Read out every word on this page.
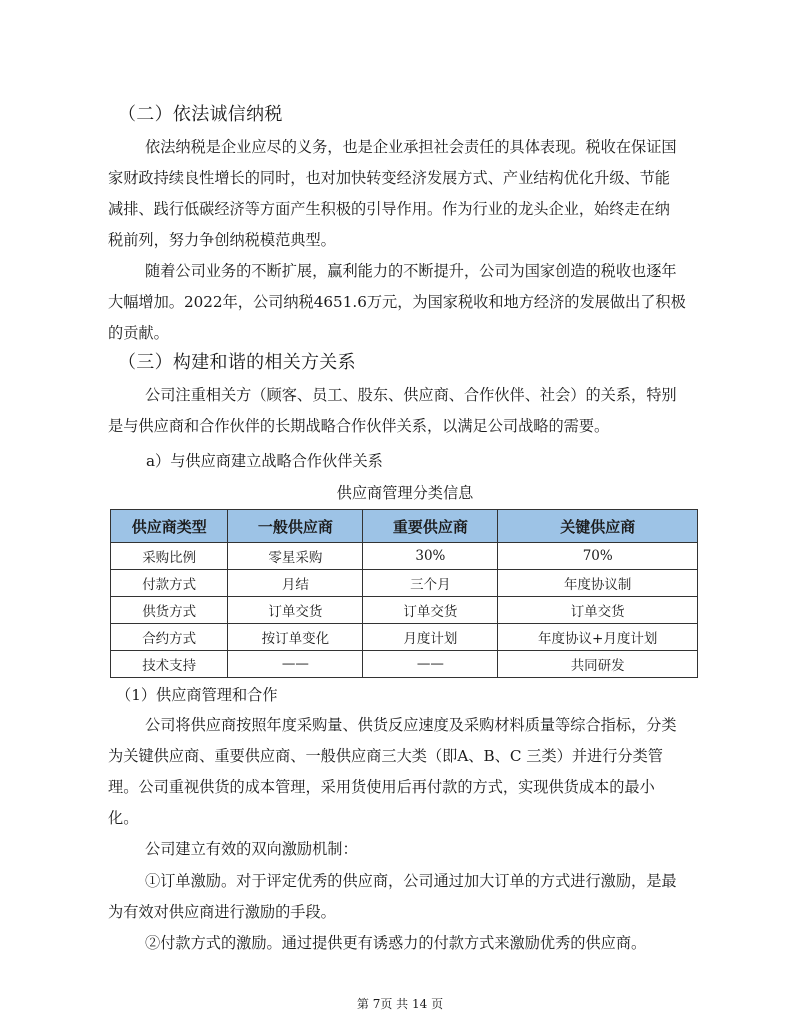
（二）依法诚信纳税
依法纳税是企业应尽的义务，也是企业承担社会责任的具体表现。税收在保证国
家财政持续良性增长的同时，也对加快转变经济发展方式、产业结构优化升级、节能
减排、践行低碳经济等方面产生积极的引导作用。作为行业的龙头企业，始终走在纳
税前列，努力争创纳税模范典型。
随着公司业务的不断扩展，赢利能力的不断提升，公司为国家创造的税收也逐年
大幅增加。2022年，公司纳税4651.6万元，为国家税收和地方经济的发展做出了积极
的贡献。
（三）构建和谐的相关方关系
公司注重相关方（顾客、员工、股东、供应商、合作伙伴、社会）的关系，特别
是与供应商和合作伙伴的长期战略合作伙伴关系，以满足公司战略的需要。
a）与供应商建立战略合作伙伴关系
供应商管理分类信息
供应商类型	一般供应商	重要供应商	关键供应商
采购比例	零星采购	30%	70%
付款方式	月结	三个月	年度协议制
供货方式	订单交货	订单交货	订单交货
合约方式	按订单变化	月度计划	年度协议+月度计划
技术支持	——	——	共同研发
（1）供应商管理和合作
公司将供应商按照年度采购量、供货反应速度及采购材料质量等综合指标，分类
为关键供应商、重要供应商、一般供应商三大类（即A、B、C 三类）并进行分类管
理。公司重视供货的成本管理，采用货使用后再付款的方式，实现供货成本的最小
化。
公司建立有效的双向激励机制：
①订单激励。对于评定优秀的供应商，公司通过加大订单的方式进行激励，是最
为有效对供应商进行激励的手段。
②付款方式的激励。通过提供更有诱惑力的付款方式来激励优秀的供应商。
第 7页 共 14 页
